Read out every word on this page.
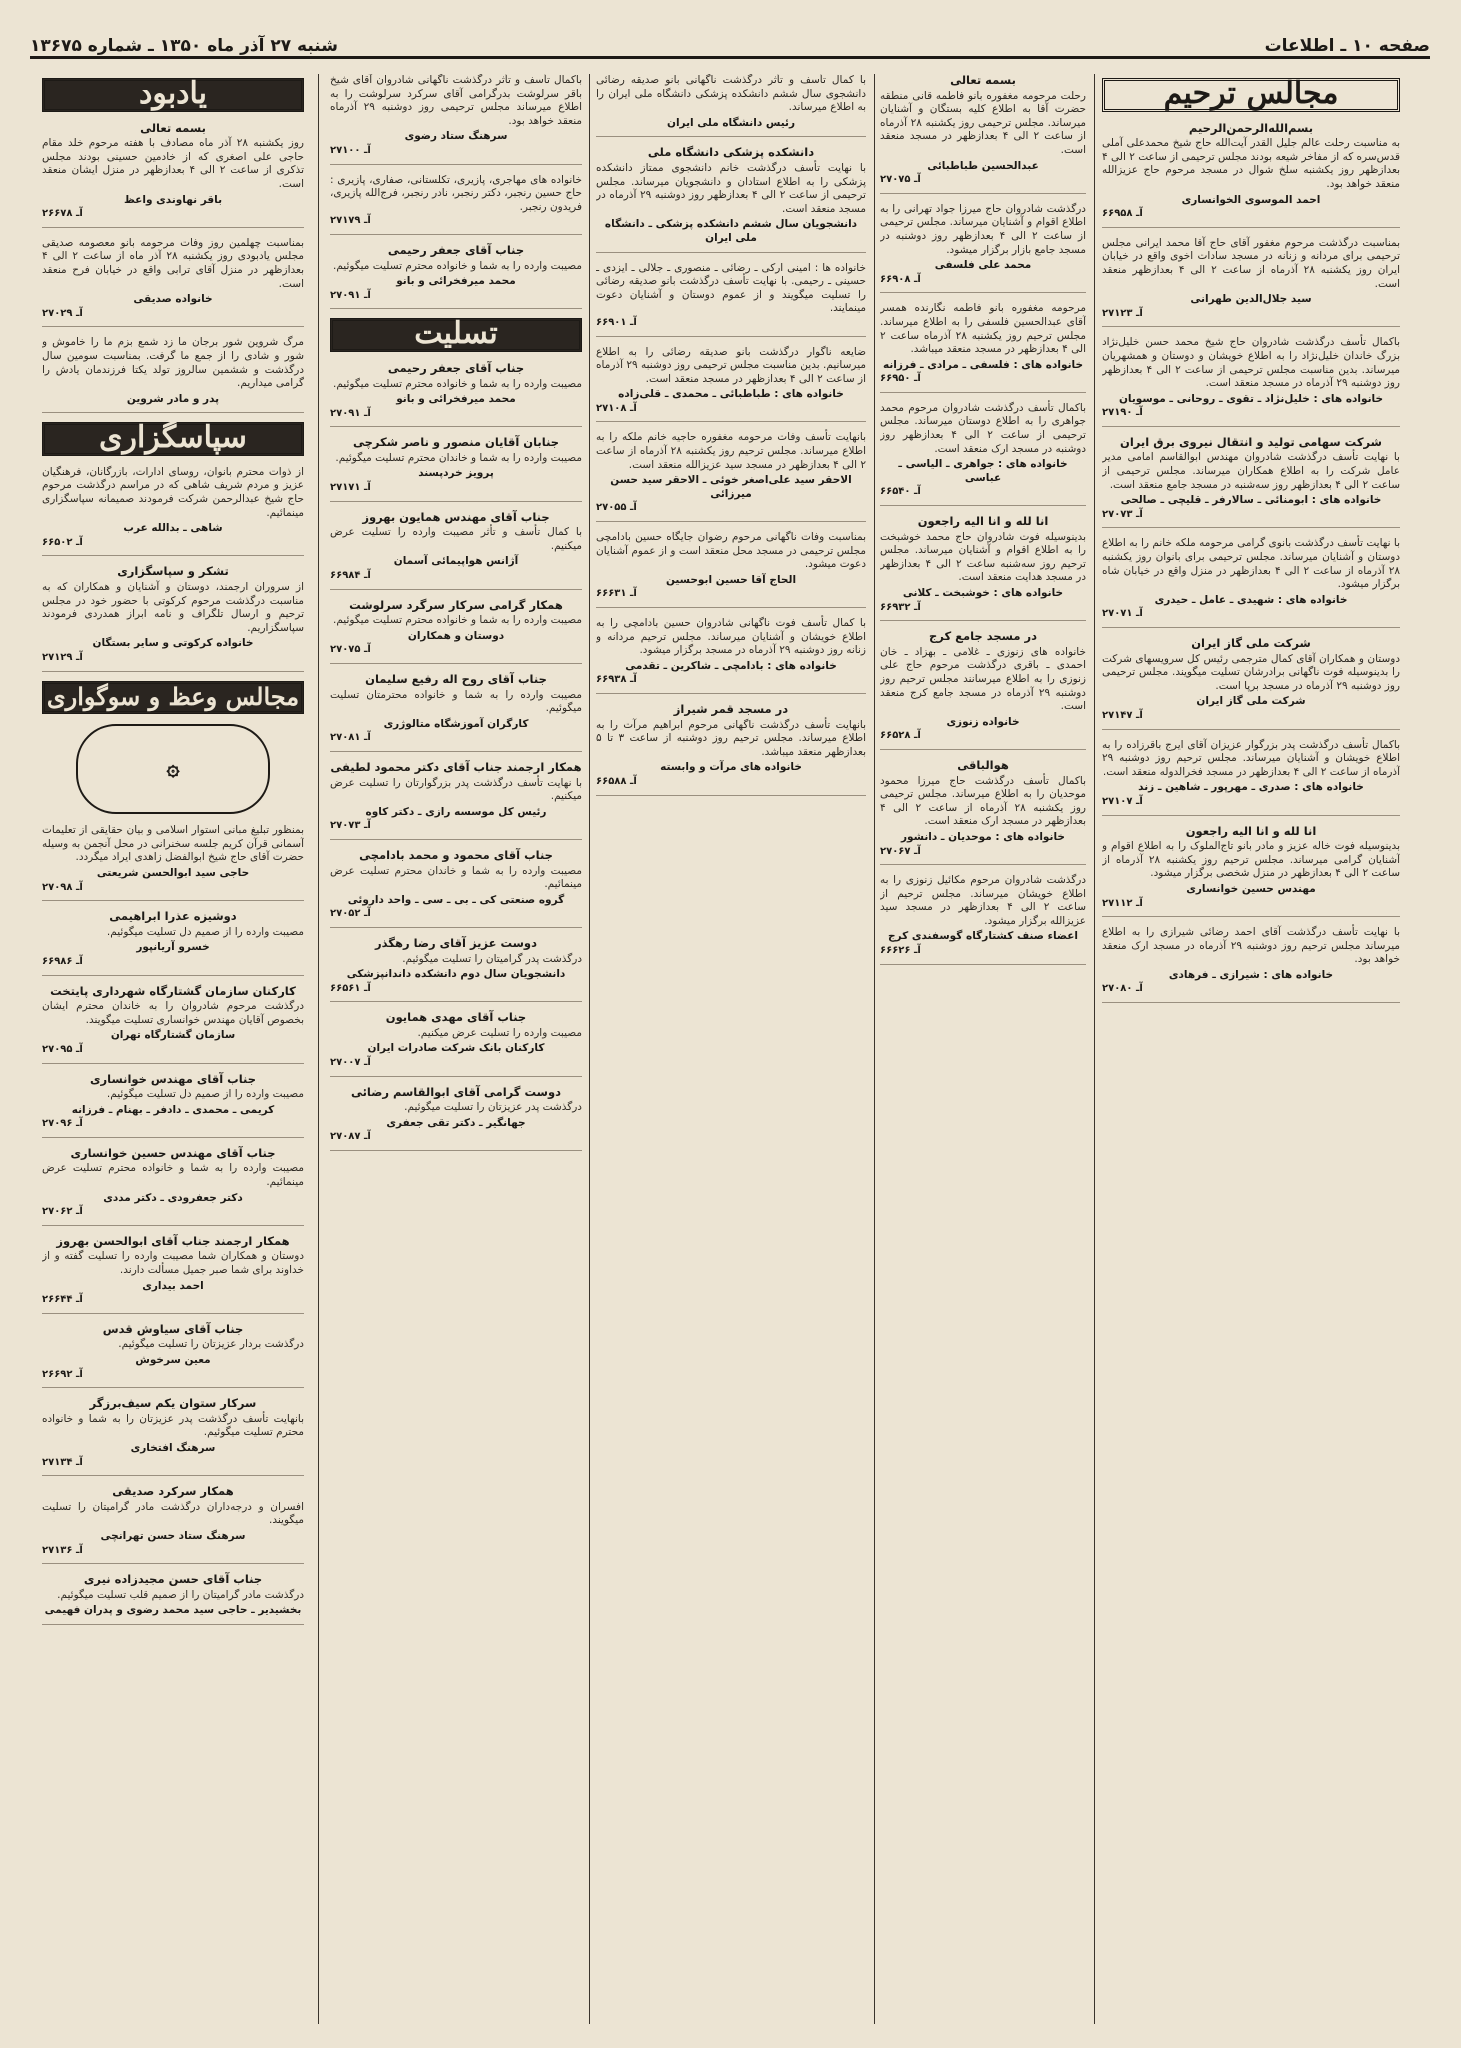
صفحه ۱۰ ـ اطلاعات
شنبه ۲۷ آذر ماه ۱۳۵۰ ـ شماره ۱۳۶۷۵
مجالس ترحیم
بسم‌الله‌الرحمن‌الرحیم
به مناسبت رحلت عالم جلیل القدر آیت‌الله حاج شیخ محمدعلی آملی قدس‌سره که از مفاخر شیعه بودند مجلس ترحیمی از ساعت ۲ الی ۴ بعدازظهر روز یکشنبه سلخ شوال در مسجد مرحوم حاج عزیزالله منعقد خواهد بود.
احمد الموسوی الخوانساری
آـ ۶۶۹۵۸
بمناسبت درگذشت مرحوم مغفور آقای حاج آقا محمد ایرانی مجلس ترحیمی برای مردانه و زنانه در مسجد سادات اخوی واقع در خیابان ایران روز یکشنبه ۲۸ آذرماه از ساعت ۲ الی ۴ بعدازظهر منعقد است.
سید جلال‌الدین طهرانی
آـ ۲۷۱۲۳
باکمال تأسف درگذشت شادروان حاج شیخ محمد حسن خلیل‌نژاد بزرگ خاندان خلیل‌نژاد را به اطلاع خویشان و دوستان و همشهریان میرساند. بدین مناسبت مجلس ترحیمی از ساعت ۲ الی ۴ بعدازظهر روز دوشنبه ۲۹ آذرماه در مسجد منعقد است.
خانواده های : خلیل‌نژاد ـ تقوی ـ روحانی ـ موسویان
آـ ۲۷۱۹۰
شرکت سهامی تولید و انتقال نیروی برق ایران
با نهایت تأسف درگذشت شادروان مهندس ابوالقاسم امامی مدیر عامل شرکت را به اطلاع همکاران میرساند. مجلس ترحیمی از ساعت ۲ الی ۴ بعدازظهر روز سه‌شنبه در مسجد جامع منعقد است.
خانواده های : ابومنائی ـ سالارفر ـ قلیچی ـ صالحی
آـ ۲۷۰۷۳
با نهایت تأسف درگذشت بانوی گرامی مرحومه ملکه خانم را به اطلاع دوستان و آشنایان میرساند. مجلس ترحیمی برای بانوان روز یکشنبه ۲۸ آذرماه از ساعت ۲ الی ۴ بعدازظهر در منزل واقع در خیابان شاه برگزار میشود.
خانواده های : شهیدی ـ عامل ـ حیدری
آـ ۲۷۰۷۱
شرکت ملی گاز ایران
دوستان و همکاران آقای کمال مترجمی رئیس کل سرویسهای شرکت را بدینوسیله فوت ناگهانی برادرشان تسلیت میگویند. مجلس ترحیمی روز دوشنبه ۲۹ آذرماه در مسجد برپا است.
شرکت ملی گاز ایران
آـ ۲۷۱۴۷
باکمال تأسف درگذشت پدر بزرگوار عزیزان آقای ایرج باقرزاده را به اطلاع خویشان و آشنایان میرساند. مجلس ترحیم روز دوشنبه ۲۹ آذرماه از ساعت ۲ الی ۴ بعدازظهر در مسجد فخرالدوله منعقد است.
خانواده های : صدری ـ مهرپور ـ شاهین ـ زند
آـ ۲۷۱۰۷
انا لله و انا الیه راجعون
بدینوسیله فوت خاله عزیز و مادر بانو تاج‌الملوک را به اطلاع اقوام و آشنایان گرامی میرساند. مجلس ترحیم روز یکشنبه ۲۸ آذرماه از ساعت ۲ الی ۴ بعدازظهر در منزل شخصی برگزار میشود.
مهندس حسین خوانساری
آـ ۲۷۱۱۲
با نهایت تأسف درگذشت آقای احمد رضائی شیرازی را به اطلاع میرساند مجلس ترحیم روز دوشنبه ۲۹ آذرماه در مسجد ارک منعقد خواهد بود.
خانواده های : شیرازی ـ فرهادی
آـ ۲۷۰۸۰
بسمه تعالی
رحلت مرحومه مغفوره بانو فاطمه قانی منطقه حضرت آقا به اطلاع کلیه بستگان و آشنایان میرساند. مجلس ترحیمی روز یکشنبه ۲۸ آذرماه از ساعت ۲ الی ۴ بعدازظهر در مسجد منعقد است.
عبدالحسین طباطبائی
آـ ۲۷۰۷۵
درگذشت شادروان حاج میرزا جواد تهرانی را به اطلاع اقوام و آشنایان میرساند. مجلس ترحیمی از ساعت ۲ الی ۴ بعدازظهر روز دوشنبه در مسجد جامع بازار برگزار میشود.
محمد علی فلسفی
آـ ۶۶۹۰۸
مرحومه مغفوره بانو فاطمه نگارنده همسر آقای عبدالحسین فلسفی را به اطلاع میرساند. مجلس ترحیم روز یکشنبه ۲۸ آذرماه ساعت ۲ الی ۴ بعدازظهر در مسجد منعقد میباشد.
خانواده های : فلسفی ـ مرادی ـ فرزانه
آـ ۶۶۹۵۰
باکمال تأسف درگذشت شادروان مرحوم محمد جواهری را به اطلاع دوستان میرساند. مجلس ترحیمی از ساعت ۲ الی ۴ بعدازظهر روز دوشنبه در مسجد ارک منعقد است.
خانواده های : جواهری ـ الیاسی ـ عباسی
آـ ۶۶۵۴۰
انا لله و انا الیه راجعون
بدینوسیله فوت شادروان حاج محمد خوشبخت را به اطلاع اقوام و آشنایان میرساند. مجلس ترحیم روز سه‌شنبه ساعت ۲ الی ۴ بعدازظهر در مسجد هدایت منعقد است.
خانواده های : خوشبخت ـ کلانی
آـ ۶۶۹۳۲
در مسجد جامع کرج
خانواده های زنوزی ـ غلامی ـ بهزاد ـ خان احمدی ـ باقری درگذشت مرحوم حاج علی زنوزی را به اطلاع میرسانند مجلس ترحیم روز دوشنبه ۲۹ آذرماه در مسجد جامع کرج منعقد است.
خانواده زنوزی
آـ ۶۶۵۲۸
هوالباقی
باکمال تأسف درگذشت حاج میرزا محمود موحدیان را به اطلاع میرساند. مجلس ترحیمی روز یکشنبه ۲۸ آذرماه از ساعت ۲ الی ۴ بعدازظهر در مسجد ارک منعقد است.
خانواده های : موحدیان ـ دانشور
آـ ۲۷۰۶۷
درگذشت شادروان مرحوم مکائیل زنوزی را به اطلاع خویشان میرساند. مجلس ترحیم از ساعت ۲ الی ۴ بعدازظهر در مسجد سید عزیزالله برگزار میشود.
اعضاء صنف کشتارگاه گوسفندی کرج
آـ ۶۶۶۲۶
با کمال تأسف و تأثر درگذشت ناگهانی بانو صدیقه رضائی دانشجوی سال ششم دانشکده پزشکی دانشگاه ملی ایران را به اطلاع میرساند.
رئیس دانشگاه ملی ایران
دانشکده پزشکی دانشگاه ملی
با نهایت تأسف درگذشت خانم دانشجوی ممتاز دانشکده پزشکی را به اطلاع استادان و دانشجویان میرساند. مجلس ترحیمی از ساعت ۲ الی ۴ بعدازظهر روز دوشنبه ۲۹ آذرماه در مسجد منعقد است.
دانشجویان سال ششم دانشکده پزشکی ـ دانشگاه ملی ایران
خانواده ها : امینی ارکی ـ رضائی ـ منصوری ـ جلالی ـ ایزدی ـ حسینی ـ رحیمی. با نهایت تأسف درگذشت بانو صدیقه رضائی را تسلیت میگویند و از عموم دوستان و آشنایان دعوت مینمایند.
آـ ۶۶۹۰۱
ضایعه ناگوار درگذشت بانو صدیقه رضائی را به اطلاع میرسانیم. بدین مناسبت مجلس ترحیمی روز دوشنبه ۲۹ آذرماه از ساعت ۲ الی ۴ بعدازظهر در مسجد منعقد است.
خانواده های : طباطبائی ـ محمدی ـ قلی‌زاده
آـ ۲۷۱۰۸
بانهایت تأسف وفات مرحومه مغفوره حاجیه خانم ملکه را به اطلاع میرساند. مجلس ترحیم روز یکشنبه ۲۸ آذرماه از ساعت ۲ الی ۴ بعدازظهر در مسجد سید عزیزالله منعقد است.
الاحقر سید علی‌اصغر خوئی ـ الاحقر سید حسن میرزائی
آـ ۲۷۰۵۵
بمناسبت وفات ناگهانی مرحوم رضوان جایگاه حسین بادامچی مجلس ترحیمی در مسجد محل منعقد است و از عموم آشنایان دعوت میشود.
الحاج آقا حسین ابوحسین
آـ ۶۶۶۳۱
با کمال تأسف فوت ناگهانی شادروان حسین بادامچی را به اطلاع خویشان و آشنایان میرساند. مجلس ترحیم مردانه و زنانه روز دوشنبه ۲۹ آذرماه در مسجد برگزار میشود.
خانواده های : بادامچی ـ شاکرین ـ تقدمی
آـ ۶۶۹۳۸
در مسجد قمر شیراز
بانهایت تأسف درگذشت ناگهانی مرحوم ابراهیم مرآت را به اطلاع میرساند. مجلس ترحیم روز دوشنبه از ساعت ۳ تا ۵ بعدازظهر منعقد میباشد.
خانواده های مرآت و وابسته
آـ ۶۶۵۸۸
باکمال تأسف و تأثر درگذشت ناگهانی شادروان آقای شیخ باقر سرلوشت بدرگرامی آقای سرکرد سرلوشت را به اطلاع میرساند مجلس ترحیمی روز دوشنبه ۲۹ آذرماه منعقد خواهد بود.
سرهنگ ستاد رضوی
آـ ۲۷۱۰۰
خانواده های مهاجری، پازیری، تکلستانی، صفاری، پازیری : حاج حسین رنجبر، دکتر رنجبر، نادر رنجبر، فرج‌الله پازیری، فریدون رنجبر.
آـ ۲۷۱۷۹
جناب آقای جعفر رحیمی
مصیبت وارده را به شما و خانواده محترم تسلیت میگوئیم.
محمد میرفخرائی و بانو
آـ ۲۷۰۹۱
تسلیت
جناب آقای جعفر رحیمی
مصیبت وارده را به شما و خانواده محترم تسلیت میگوئیم.
محمد میرفخرائی و بانو
آـ ۲۷۰۹۱
جنابان آقایان منصور و ناصر شکرچی
مصیبت وارده را به شما و خاندان محترم تسلیت میگوئیم.
پرویز خردپسند
آـ ۲۷۱۷۱
جناب آقای مهندس همایون بهروز
با کمال تأسف و تأثر مصیبت وارده را تسلیت عرض میکنیم.
آژانس هواپیمائی آسمان
آـ ۶۶۹۸۴
همکار گرامی سرکار سرگرد سرلوشت
مصیبت وارده را به شما و خانواده محترم تسلیت میگوئیم.
دوستان و همکاران
آـ ۲۷۰۷۵
جناب آقای روح اله رفیع سلیمان
مصیبت وارده را به شما و خانواده محترمتان تسلیت میگوئیم.
کارگران آموزشگاه متالوژری
آـ ۲۷۰۸۱
همکار ارجمند جناب آقای دکتر محمود لطیفی
با نهایت تأسف درگذشت پدر بزرگوارتان را تسلیت عرض میکنیم.
رئیس کل موسسه رازی ـ دکتر کاوه
آـ ۲۷۰۷۳
جناب آقای محمود و محمد بادامچی
مصیبت وارده را به شما و خاندان محترم تسلیت عرض مینمائیم.
گروه صنعتی کی ـ بی ـ سی ـ واحد داروئی
آـ ۲۷۰۵۲
دوست عزیز آقای رضا رهگذر
درگذشت پدر گرامیتان را تسلیت میگوئیم.
دانشجویان سال دوم دانشکده داندانپزشکی
آـ ۶۶۵۶۱
جناب آقای مهدی همایون
مصیبت وارده را تسلیت عرض میکنیم.
کارکنان بانک شرکت صادرات ایران
آـ ۲۷۰۰۷
دوست گرامی آقای ابوالقاسم رضائی
درگذشت پدر عزیزتان را تسلیت میگوئیم.
جهانگیر ـ دکتر تقی جعفری
آـ ۲۷۰۸۷
یادبود
بسمه تعالی
روز یکشنبه ۲۸ آذر ماه مصادف با هفته مرحوم خلد مقام حاجی علی اصغری که از خادمین حسینی بودند مجلس تذکری از ساعت ۲ الی ۴ بعدازظهر در منزل ایشان منعقد است.
باقر نهاوندی واعظ
آـ ۲۶۶۷۸
بمناسبت چهلمین روز وفات مرحومه بانو معصومه صدیقی مجلس یادبودی روز یکشنبه ۲۸ آذر ماه از ساعت ۲ الی ۴ بعدازظهر در منزل آقای ترابی واقع در خیابان فرح منعقد است.
خانواده صدیقی
آـ ۲۷۰۲۹
مرگ شروین شور برجان ما زد شمع بزم ما را خاموش و شور و شادی را از جمع ما گرفت. بمناسبت سومین سال درگذشت و ششمین سالروز تولد یکتا فرزندمان یادش را گرامی میداریم.
پدر و مادر شروین
سپاسگزاری
از ذوات محترم بانوان، روسای ادارات، بازرگانان، فرهنگیان عزیز و مردم شریف شاهی که در مراسم درگذشت مرحوم حاج شیخ عبدالرحمن شرکت فرمودند صمیمانه سپاسگزاری مینمائیم.
شاهی ـ بدالله عرب
آـ ۶۶۵۰۲
تشکر و سپاسگزاری
از سروران ارجمند، دوستان و آشنایان و همکاران که به مناسبت درگذشت مرحوم کرکوتی با حضور خود در مجلس ترحیم و ارسال تلگراف و نامه ابراز همدردی فرمودند سپاسگزاریم.
خانواده کرکوتی و سایر بستگان
آـ ۲۷۱۲۹
مجالس وعظ و سوگواری
۞
بمنظور تبلیغ مبانی استوار اسلامی و بیان حقایقی از تعلیمات آسمانی قرآن کریم جلسه سخنرانی در محل آنجمن به وسیله حضرت آقای حاج شیخ ابوالفضل زاهدی ایراد میگردد.
حاجی سید ابوالحسن شریعتی
آـ ۲۷۰۹۸
دوشیزه عذرا ابراهیمی
مصیبت وارده را از صمیم دل تسلیت میگوئیم.
خسرو آریانپور
آـ ۶۶۹۸۶
کارکنان سازمان گشتارگاه شهرداری پایتخت
درگذشت مرحوم شادروان را به خاندان محترم ایشان بخصوص آقایان مهندس خوانساری تسلیت میگویند.
سازمان گشتارگاه تهران
آـ ۲۷۰۹۵
جناب آقای مهندس خوانساری
مصیبت وارده را از صمیم دل تسلیت میگوئیم.
کریمی ـ محمدی ـ دادفر ـ بهنام ـ فرزانه
آـ ۲۷۰۹۶
جناب آقای مهندس حسین خوانساری
مصیبت وارده را به شما و خانواده محترم تسلیت عرض مینمائیم.
دکتر جعفرودی ـ دکتر مددی
آـ ۲۷۰۶۲
همکار ارجمند جناب آقای ابوالحسن بهروز
دوستان و همکاران شما مصیبت وارده را تسلیت گفته و از خداوند برای شما صبر جمیل مسألت دارند.
احمد بیداری
آـ ۲۶۶۴۴
جناب آقای سیاوش قدس
درگذشت بردار عزیزتان را تسلیت میگوئیم.
معین سرخوش
آـ ۲۶۶۹۲
سرکار ستوان یکم سیف‌برزگر
بانهایت تأسف درگذشت پدر عزیزتان را به شما و خانواده محترم تسلیت میگوئیم.
سرهنگ افتخاری
آـ ۲۷۱۳۴
همکار سرکرد صدیقی
افسران و درجه‌داران درگذشت مادر گرامیتان را تسلیت میگویند.
سرهنگ ستاد حسن تهرانچی
آـ ۲۷۱۳۶
جناب آقای حسن مجیدزاده نیری
درگذشت مادر گرامیتان را از صمیم قلب تسلیت میگوئیم.
بخشیدیر ـ حاجی سید محمد رضوی و پدران فهیمی
